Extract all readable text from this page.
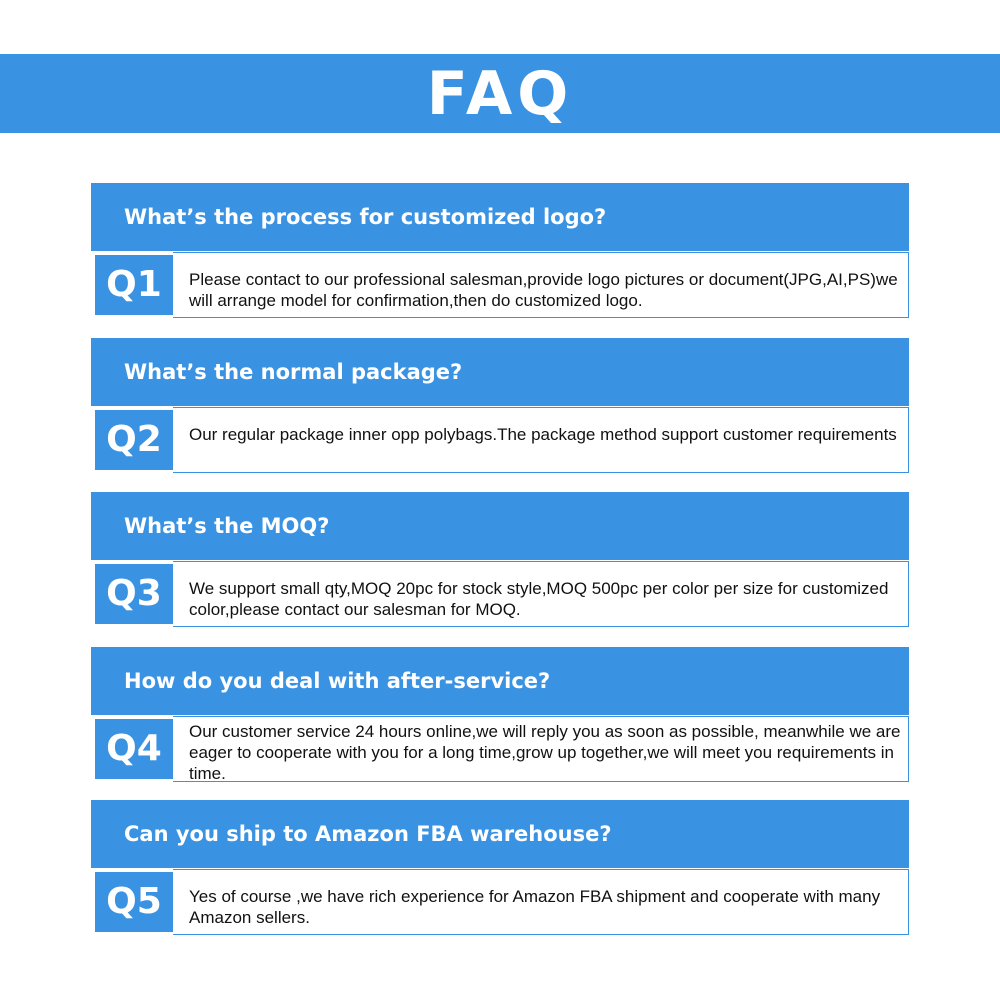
FAQ
What’s the process for customized logo?
Q1 Please contact to our professional salesman,provide logo pictures or document(JPG,AI,PS)we will arrange model for confirmation,then do customized logo.
What’s the normal package?
Q2 Our regular package inner opp polybags.The package method support customer requirements
What’s the MOQ?
Q3 We support small qty,MOQ 20pc for stock style,MOQ 500pc per color per size for customized color,please contact our salesman for MOQ.
How do you deal with after-service?
Q4 Our customer service 24 hours online,we will reply you as soon as possible, meanwhile we are eager to cooperate with you for a long time,grow up together,we will meet you requirements in time.
Can you ship to Amazon FBA warehouse?
Q5 Yes of course ,we have rich experience for Amazon FBA shipment and cooperate with many Amazon sellers.
